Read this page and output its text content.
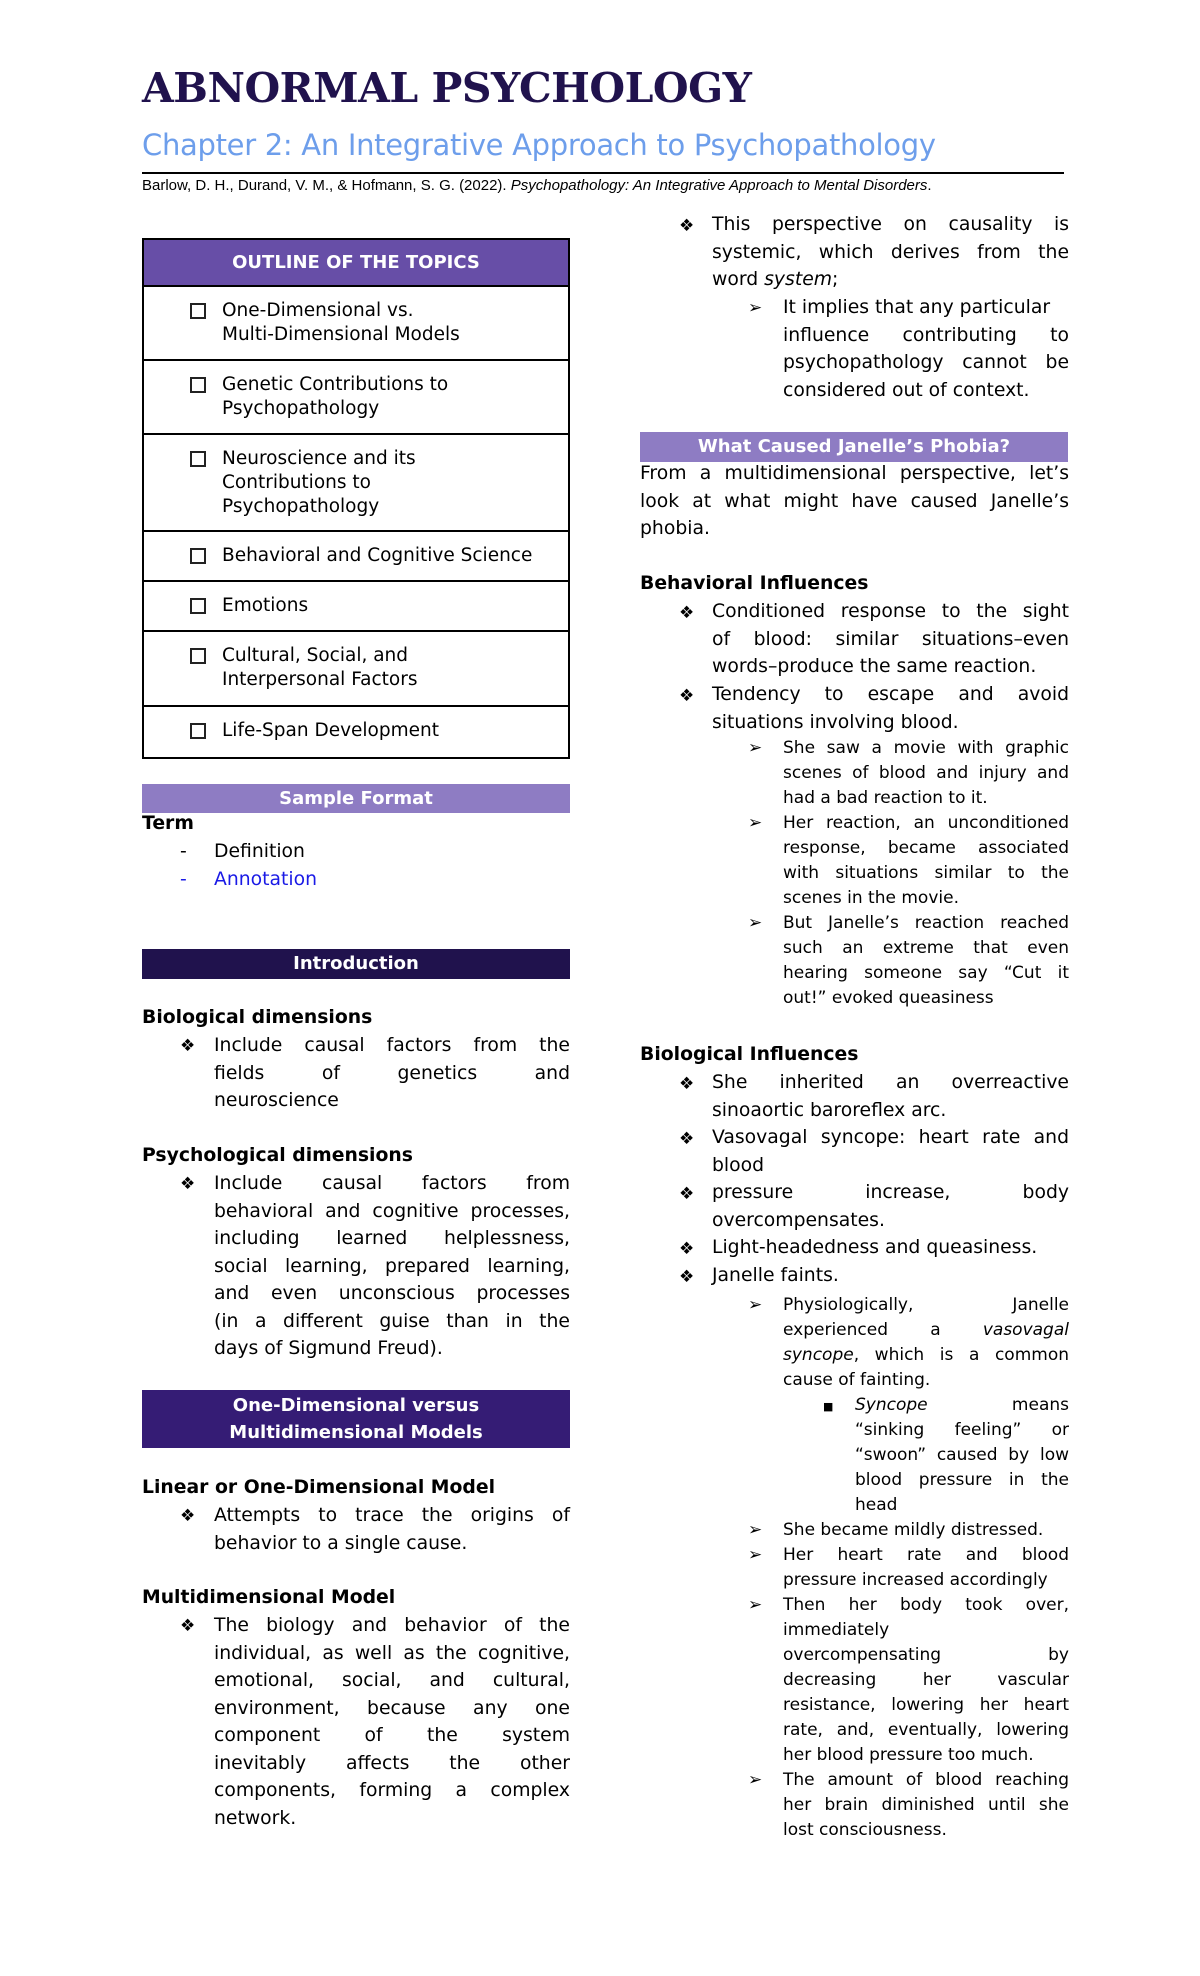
ABNORMAL PSYCHOLOGY
Chapter 2: An Integrative Approach to Psychopathology
Barlow, D. H., Durand, V. M., & Hofmann, S. G. (2022). Psychopathology: An Integrative Approach to Mental Disorders.
OUTLINE OF THE TOPICS
One-Dimensional vs.
Multi-Dimensional Models
Genetic Contributions to
Psychopathology
Neuroscience and its
Contributions to
Psychopathology
Behavioral and Cognitive Science
Emotions
Cultural, Social, and
Interpersonal Factors
Life-Span Development
Sample Format
Term
- Definition
- Annotation
Introduction
Biological dimensions
❖ Include causal factors from the
fields of genetics and
neuroscience
Psychological dimensions
❖ Include causal factors from
behavioral and cognitive processes,
including learned helplessness,
social learning, prepared learning,
and even unconscious processes
(in a different guise than in the
days of Sigmund Freud).
One-Dimensional versus
Multidimensional Models
Linear or One-Dimensional Model
❖ Attempts to trace the origins of
behavior to a single cause.
Multidimensional Model
❖ The biology and behavior of the
individual, as well as the cognitive,
emotional, social, and cultural,
environment, because any one
component of the system
inevitably affects the other
components, forming a complex
network.
❖ This perspective on causality is
systemic, which derives from the
word system;
➢ It implies that any particular
influence contributing to
psychopathology cannot be
considered out of context.
What Caused Janelle’s Phobia?
From a multidimensional perspective, let’s
look at what might have caused Janelle’s
phobia.
Behavioral Influences
❖ Conditioned response to the sight
of blood: similar situations–even
words–produce the same reaction.
❖ Tendency to escape and avoid
situations involving blood.
➢ She saw a movie with graphic
scenes of blood and injury and
had a bad reaction to it.
➢ Her reaction, an unconditioned
response, became associated
with situations similar to the
scenes in the movie.
➢ But Janelle’s reaction reached
such an extreme that even
hearing someone say “Cut it
out!” evoked queasiness
Biological Influences
❖ She inherited an overreactive
sinoaortic baroreflex arc.
❖ Vasovagal syncope: heart rate and
blood
❖ pressure increase, body
overcompensates.
❖ Light-headedness and queasiness.
❖ Janelle faints.
➢ Physiologically, Janelle
experienced a vasovagal
syncope, which is a common
cause of fainting.
■ Syncope means
“sinking feeling” or
“swoon” caused by low
blood pressure in the
head
➢ She became mildly distressed.
➢ Her heart rate and blood
pressure increased accordingly
➢ Then her body took over,
immediately
overcompensating by
decreasing her vascular
resistance, lowering her heart
rate, and, eventually, lowering
her blood pressure too much.
➢ The amount of blood reaching
her brain diminished until she
lost consciousness.
